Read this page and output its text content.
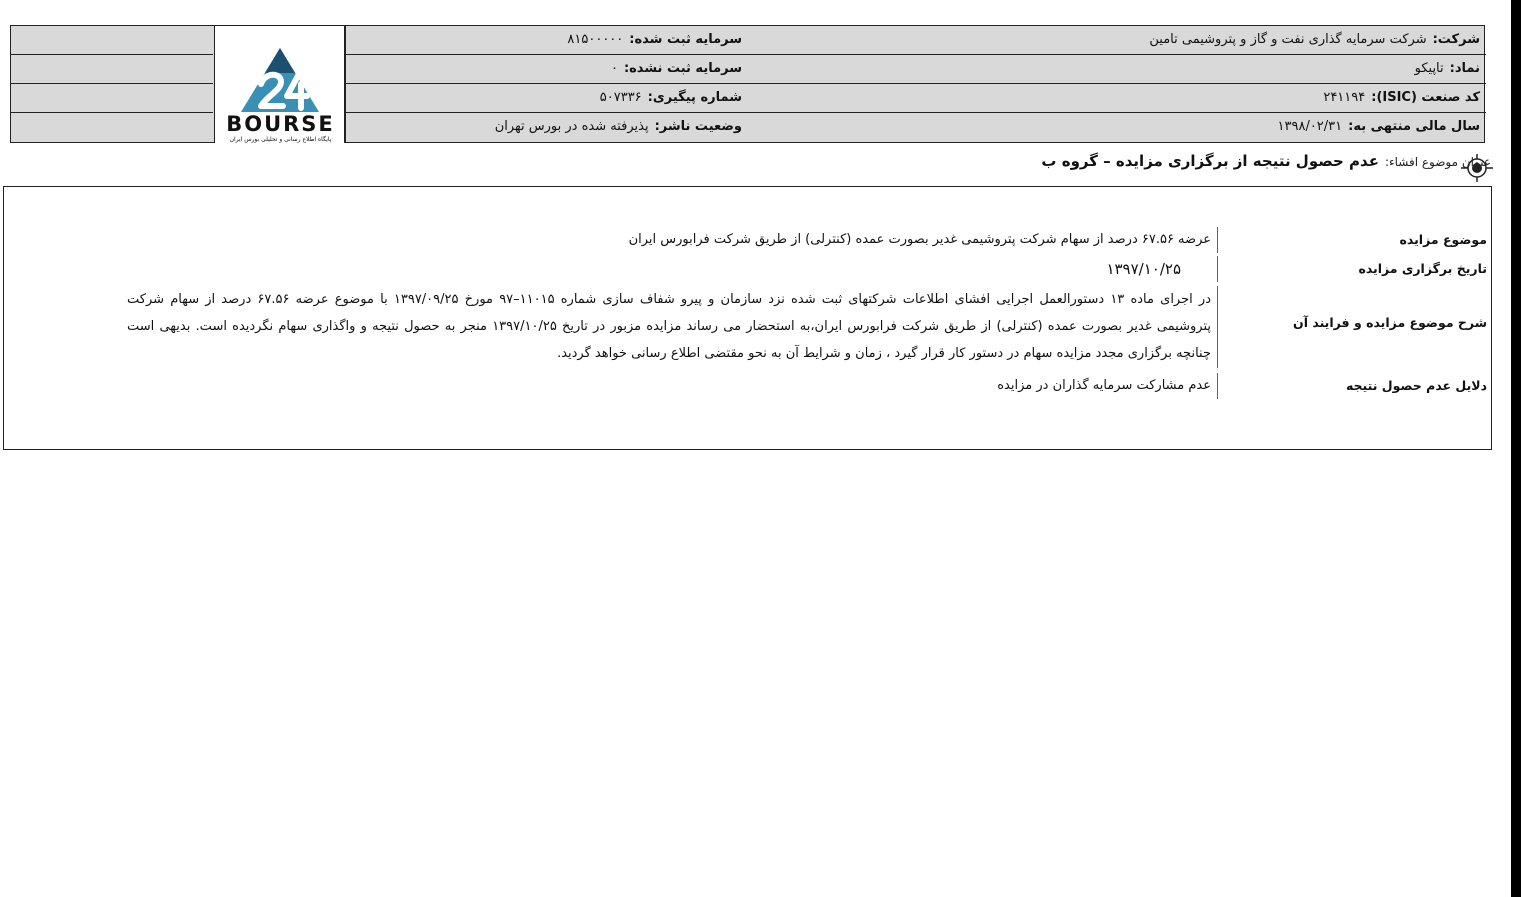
شرکت:شرکت سرمایه گذاری نفت و گاز و پتروشیمی تامین
نماد:تاپیکو
کد صنعت (ISIC):۲۴۱۱۹۴
سال مالی منتهی به:۱۳۹۸/۰۲/۳۱
سرمایه ثبت شده:۸۱۵۰۰۰۰۰
سرمایه ثبت نشده:۰
شماره پیگیری:۵۰۷۳۳۶
وضعیت ناشر:پذیرفته شده در بورس تهران
BOURSE
پایگاه اطلاع رسانی و تحلیلی بورس ایران
عنوان موضوع افشاء:عدم حصول نتیجه از برگزاری مزایده – گروه ب
موضوع مزایده
عرضه ۶۷.۵۶ درصد از سهام شرکت پتروشیمی غدیر بصورت عمده (کنترلی) از طریق شرکت فرابورس ایران
تاریخ برگزاری مزایده
۱۳۹۷/۱۰/۲۵
شرح موضوع مزایده و فرایند آن
در اجرای ماده ۱۳ دستورالعمل اجرایی افشای اطلاعات شرکتهای ثبت شده نزد سازمان و پیرو شفاف سازی شماره ۱۱۰۱۵–۹۷ مورخ ۱۳۹۷/۰۹/۲۵ با موضوع عرضه ۶۷.۵۶ درصد از سهام شرکت پتروشیمی غدیر بصورت عمده (کنترلی) از طریق شرکت فرابورس ایران،به استحضار می رساند مزایده مزبور در تاریخ ۱۳۹۷/۱۰/۲۵ منجر به حصول نتیجه و واگذاری سهام نگردیده است. بدیهی است چنانچه برگزاری مجدد مزایده سهام در دستور کار قرار گیرد ، زمان و شرایط آن به نحو مقتضی اطلاع رسانی خواهد گردید.
دلایل عدم حصول نتیجه
عدم مشارکت سرمایه گذاران در مزایده
